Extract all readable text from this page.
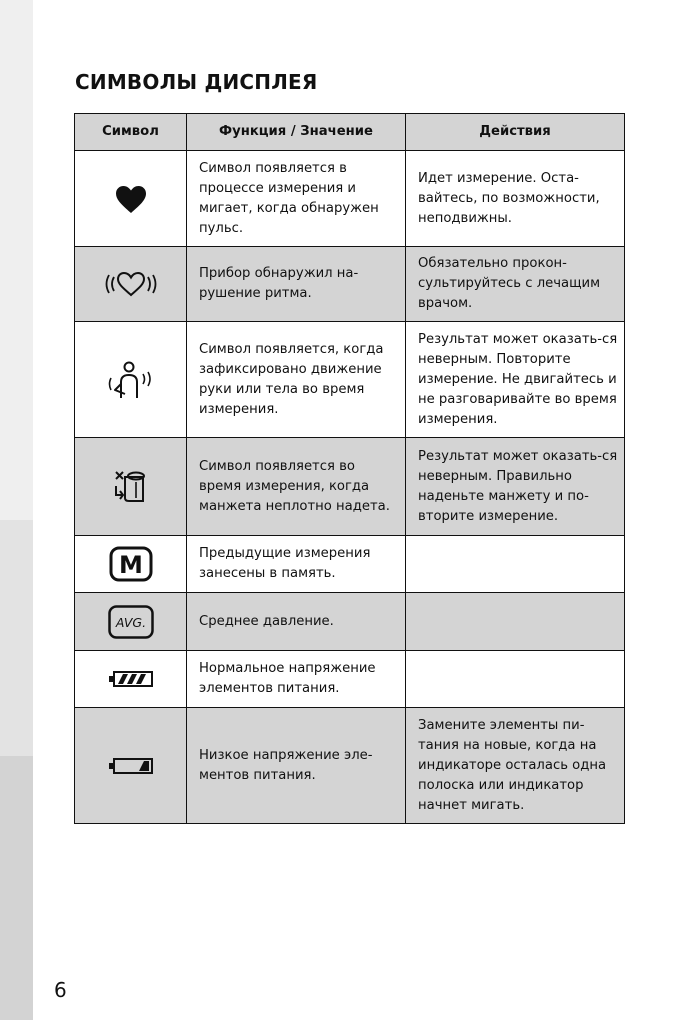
СИМВОЛЫ ДИСПЛЕЯ
Символ	Функция / Значение	Действия

	Символ появляется в процессе измерения и мигает, когда обнаружен пульс.	Идет измерение. Оста-вайтесь, по возможности, неподвижны.

	Прибор обнаружил на-рушение ритма.	Обязательно прокон-сультируйтесь с лечащим врачом.

	Символ появляется, когда зафиксировано движение руки или тела во время измерения.	Результат может оказать-ся неверным. Повторите измерение. Не двигайтесь и не разговаривайте во время измерения.

	Символ появляется во время измерения, когда манжета неплотно надета.	Результат может оказать-ся неверным. Правильно наденьте манжету и по-вторите измерение.

M	Предыдущие измерения занесены в память.	

AVG.	Среднее давление.	

	Нормальное напряжение элементов питания.	

	Низкое напряжение эле-ментов питания.	Замените элементы пи-тания на новые, когда на индикаторе осталась одна полоска или индикатор начнет мигать.
6
